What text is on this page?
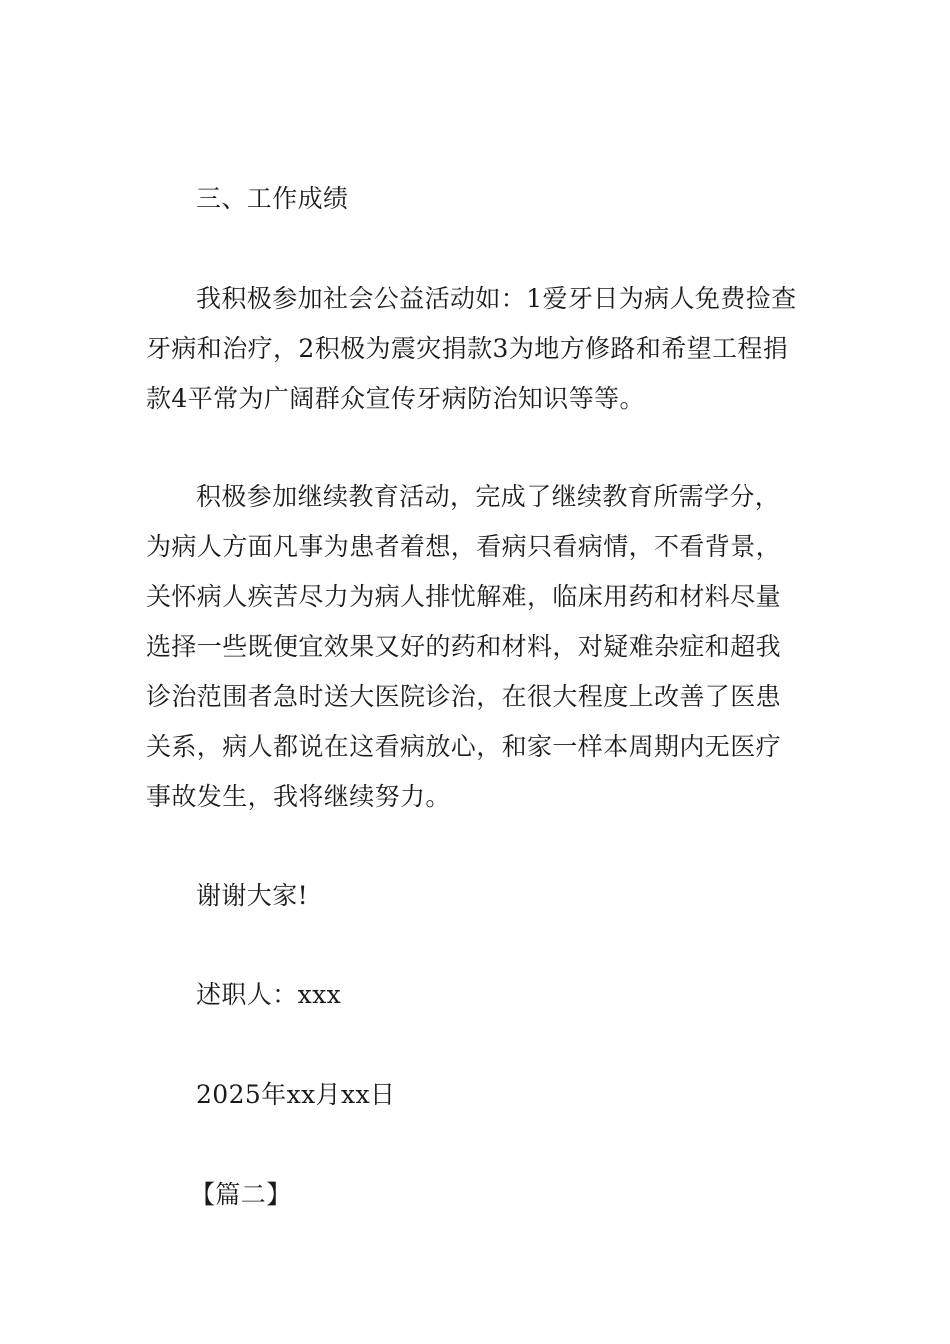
三、工作成绩
我积极参加社会公益活动如：1爱牙日为病人免费捡查
牙病和治疗，2积极为震灾捐款3为地方修路和希望工程捐
款4平常为广阔群众宣传牙病防治知识等等。
积极参加继续教育活动，完成了继续教育所需学分，
为病人方面凡事为患者着想，看病只看病情，不看背景，
关怀病人疾苦尽力为病人排忧解难，临床用药和材料尽量
选择一些既便宜效果又好的药和材料，对疑难杂症和超我
诊治范围者急时送大医院诊治，在很大程度上改善了医患
关系，病人都说在这看病放心，和家一样本周期内无医疗
事故发生，我将继续努力。
谢谢大家!
述职人：xxx
2025年xx月xx日
【篇二】
